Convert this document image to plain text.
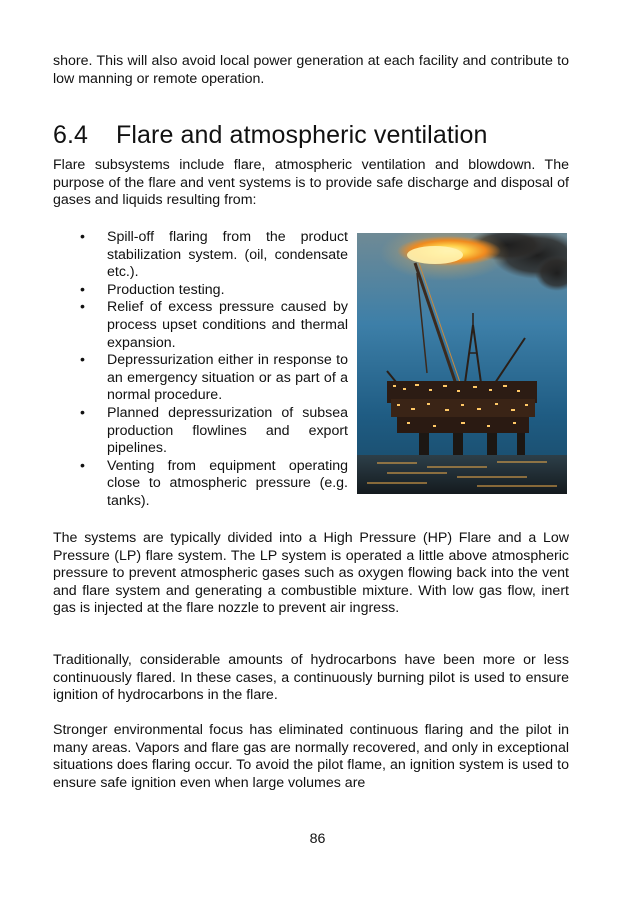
shore. This will also avoid local power generation at each facility and contribute to low manning or remote operation.

6.4 Flare and atmospheric ventilation

Flare subsystems include flare, atmospheric ventilation and blowdown. The purpose of the flare and vent systems is to provide safe discharge and disposal of gases and liquids resulting from:

• Spill-off flaring from the product stabilization system. (oil, condensate etc.).
• Production testing.
• Relief of excess pressure caused by process upset conditions and thermal expansion.
• Depressurization either in response to an emergency situation or as part of a normal procedure.
• Planned depressurization of subsea production flowlines and export pipelines.
• Venting from equipment operating close to atmospheric pressure (e.g. tanks).

The systems are typically divided into a High Pressure (HP) Flare and a Low Pressure (LP) flare system. The LP system is operated a little above atmospheric pressure to prevent atmospheric gases such as oxygen flowing back into the vent and flare system and generating a combustible mixture. With low gas flow, inert gas is injected at the flare nozzle to prevent air ingress.

Traditionally, considerable amounts of hydrocarbons have been more or less continuously flared. In these cases, a continuously burning pilot is used to ensure ignition of hydrocarbons in the flare.

Stronger environmental focus has eliminated continuous flaring and the pilot in many areas. Vapors and flare gas are normally recovered, and only in exceptional situations does flaring occur. To avoid the pilot flame, an ignition system is used to ensure safe ignition even when large volumes are

86
